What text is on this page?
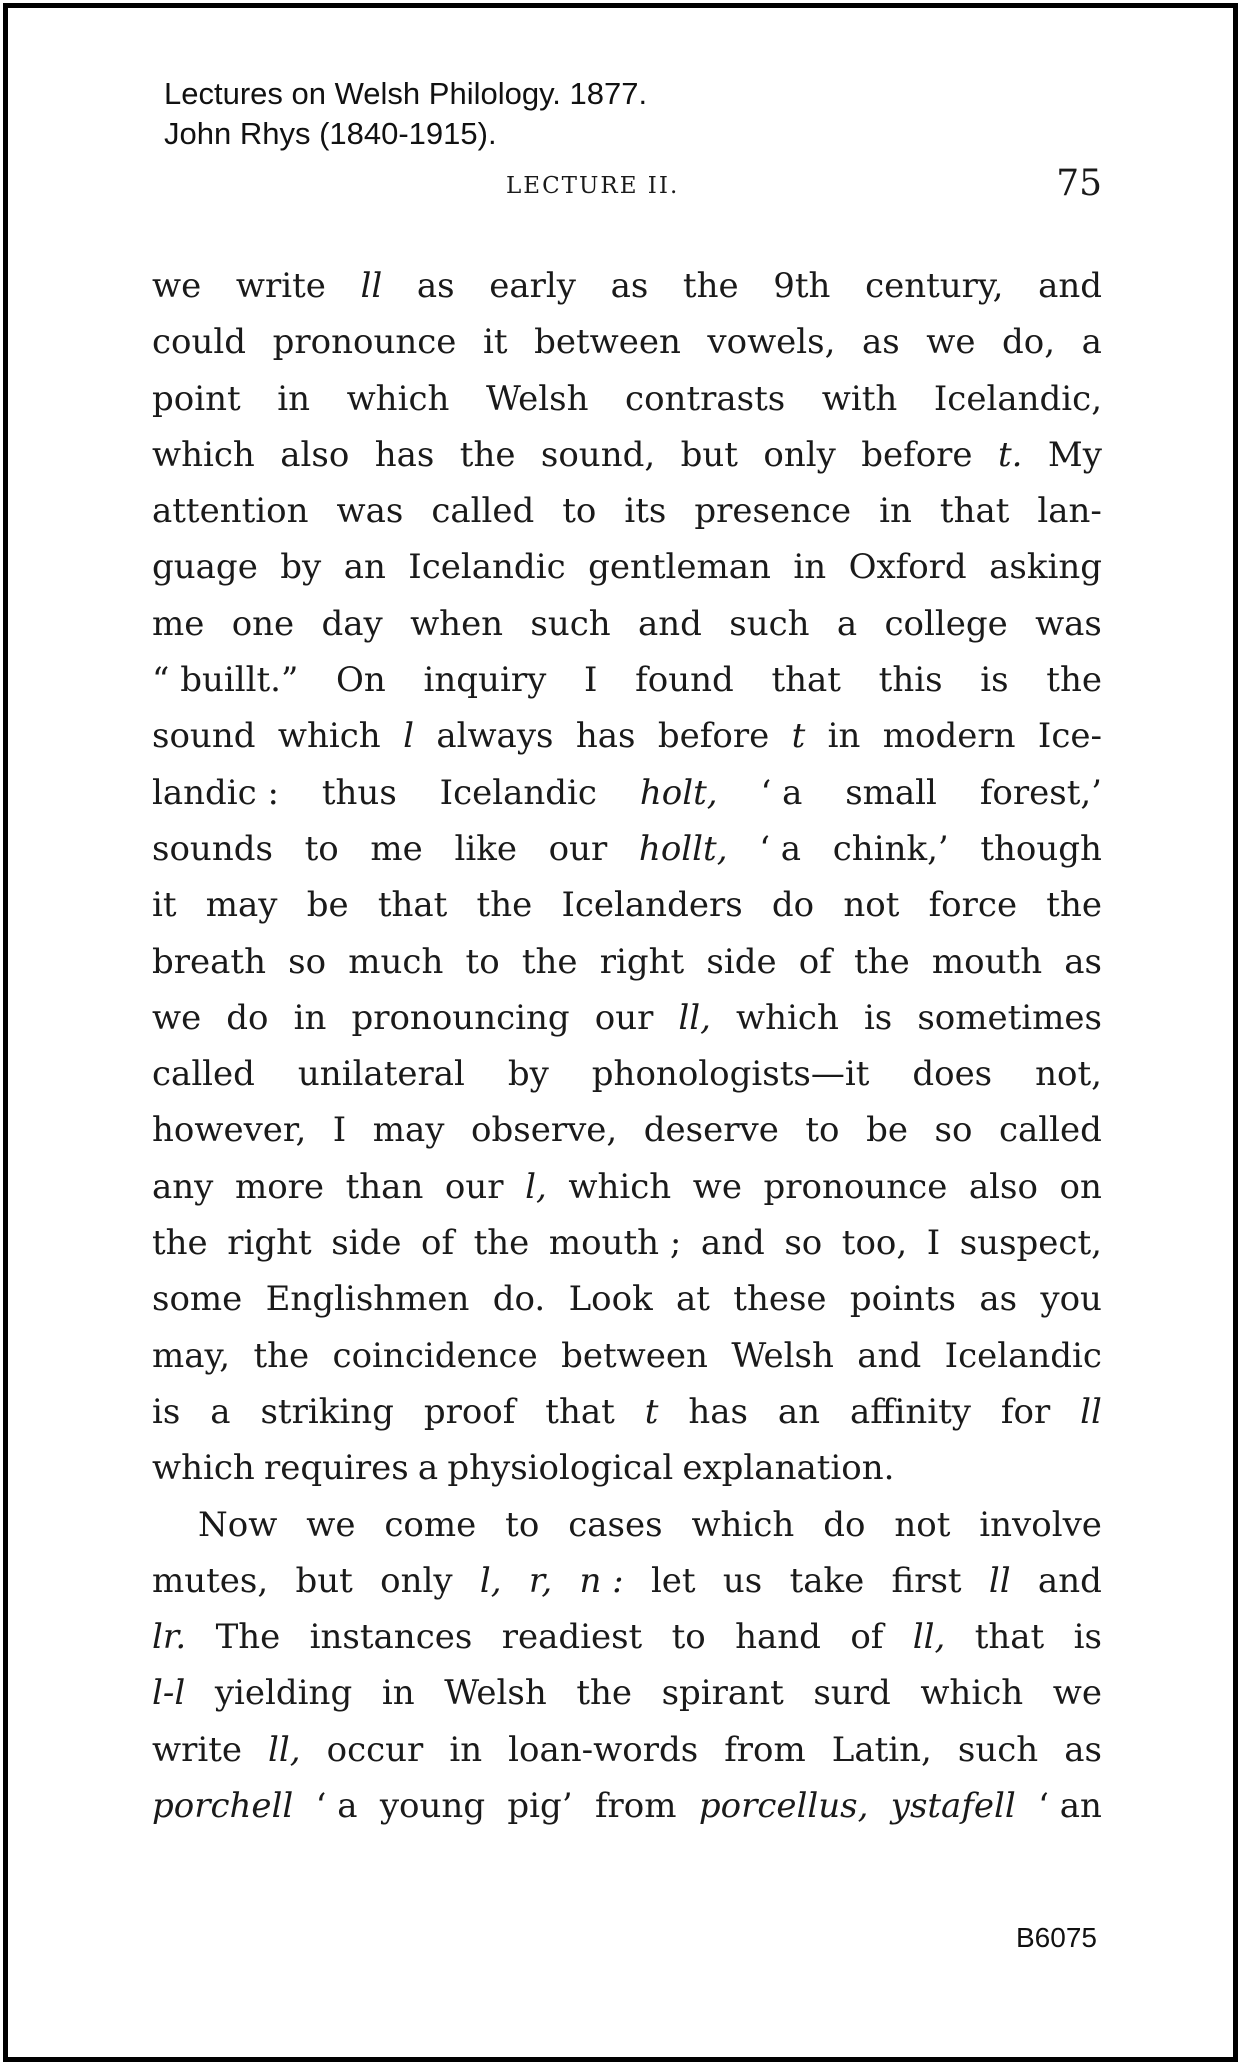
Lectures on Welsh Philology. 1877.
John Rhys (1840-1915).
LECTURE II.	75
we write ll as early as the 9th century, and
could pronounce it between vowels, as we do, a
point in which Welsh contrasts with Icelandic,
which also has the sound, but only before t. My
attention was called to its presence in that lan-
guage by an Icelandic gentleman in Oxford asking
me one day when such and such a college was
“ buillt.” On inquiry I found that this is the
sound which l always has before t in modern Ice-
landic : thus Icelandic holt, ‘ a small forest,’
sounds to me like our hollt, ‘ a chink,’ though
it may be that the Icelanders do not force the
breath so much to the right side of the mouth as
we do in pronouncing our ll, which is sometimes
called unilateral by phonologists—it does not,
however, I may observe, deserve to be so called
any more than our l, which we pronounce also on
the right side of the mouth ; and so too, I suspect,
some Englishmen do. Look at these points as you
may, the coincidence between Welsh and Icelandic
is a striking proof that t has an affinity for ll
which requires a physiological explanation.
Now we come to cases which do not involve
mutes, but only l, r, n : let us take first ll and
lr. The instances readiest to hand of ll, that is
l-l yielding in Welsh the spirant surd which we
write ll, occur in loan-words from Latin, such as
porchell ‘ a young pig’ from porcellus, ystafell ‘ an
B6075
